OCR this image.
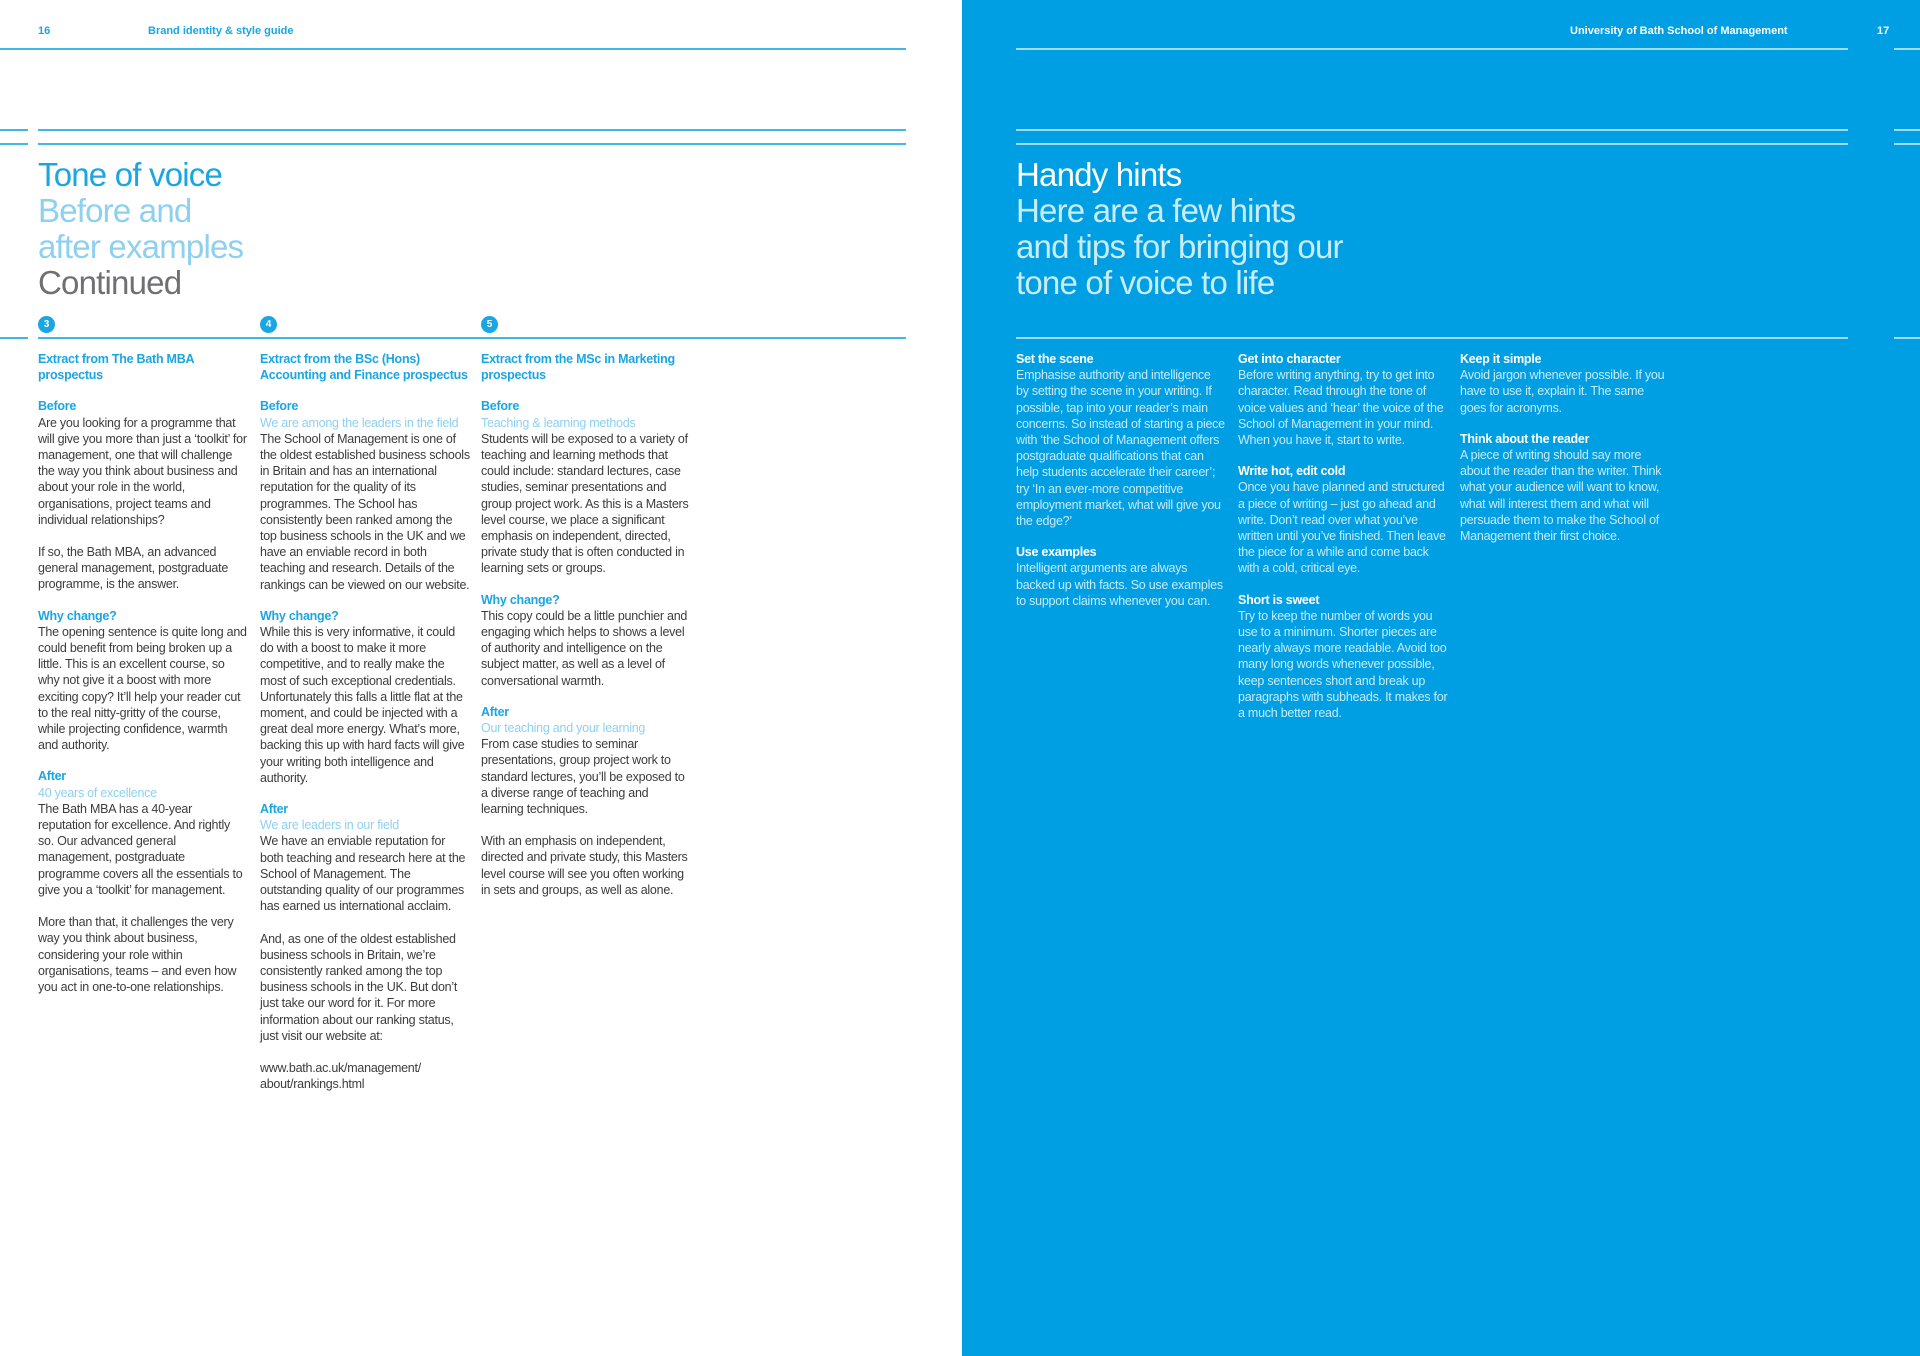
16	Brand identity & style guide
Tone of voice
Before and
after examples
Continued
3	4	5
Extract from The Bath MBA prospectus
Before
Are you looking for a programme that will give you more than just a ‘toolkit’ for management, one that will challenge the way you think about business and about your role in the world, organisations, project teams and individual relationships?
If so, the Bath MBA, an advanced general management, postgraduate programme, is the answer.
Why change?
The opening sentence is quite long and could benefit from being broken up a little. This is an excellent course, so why not give it a boost with more exciting copy? It’ll help your reader cut to the real nitty-gritty of the course, while projecting confidence, warmth and authority.
After
40 years of excellence
The Bath MBA has a 40-year reputation for excellence. And rightly so. Our advanced general management, postgraduate programme covers all the essentials to give you a ‘toolkit’ for management.
More than that, it challenges the very way you think about business, considering your role within organisations, teams – and even how you act in one-to-one relationships.
Extract from the BSc (Hons) Accounting and Finance prospectus
Before
We are among the leaders in the field
The School of Management is one of the oldest established business schools in Britain and has an international reputation for the quality of its programmes. The School has consistently been ranked among the top business schools in the UK and we have an enviable record in both teaching and research. Details of the rankings can be viewed on our website.
Why change?
While this is very informative, it could do with a boost to make it more competitive, and to really make the most of such exceptional credentials. Unfortunately this falls a little flat at the moment, and could be injected with a great deal more energy. What’s more, backing this up with hard facts will give your writing both intelligence and authority.
After
We are leaders in our field
We have an enviable reputation for both teaching and research here at the School of Management. The outstanding quality of our programmes has earned us international acclaim.
And, as one of the oldest established business schools in Britain, we’re consistently ranked among the top business schools in the UK. But don’t just take our word for it. For more information about our ranking status, just visit our website at:
www.bath.ac.uk/management/ about/rankings.html
Extract from the MSc in Marketing prospectus
Before
Teaching & learning methods
Students will be exposed to a variety of teaching and learning methods that could include: standard lectures, case studies, seminar presentations and group project work. As this is a Masters level course, we place a significant emphasis on independent, directed, private study that is often conducted in learning sets or groups.
Why change?
This copy could be a little punchier and engaging which helps to shows a level of authority and intelligence on the subject matter, as well as a level of conversational warmth.
After
Our teaching and your learning
From case studies to seminar presentations, group project work to standard lectures, you’ll be exposed to a diverse range of teaching and learning techniques.
With an emphasis on independent, directed and private study, this Masters level course will see you often working in sets and groups, as well as alone.
University of Bath School of Management	17
Handy hints
Here are a few hints
and tips for bringing our
tone of voice to life
Set the scene
Emphasise authority and intelligence by setting the scene in your writing. If possible, tap into your reader’s main concerns. So instead of starting a piece with ‘the School of Management offers postgraduate qualifications that can help students accelerate their career’; try ‘In an ever-more competitive employment market, what will give you the edge?’
Use examples
Intelligent arguments are always backed up with facts. So use examples to support claims whenever you can.
Get into character
Before writing anything, try to get into character. Read through the tone of voice values and ‘hear’ the voice of the School of Management in your mind. When you have it, start to write.
Write hot, edit cold
Once you have planned and structured a piece of writing – just go ahead and write. Don’t read over what you’ve written until you’ve finished. Then leave the piece for a while and come back with a cold, critical eye.
Short is sweet
Try to keep the number of words you use to a minimum. Shorter pieces are nearly always more readable. Avoid too many long words whenever possible, keep sentences short and break up paragraphs with subheads. It makes for a much better read.
Keep it simple
Avoid jargon whenever possible. If you have to use it, explain it. The same goes for acronyms.
Think about the reader
A piece of writing should say more about the reader than the writer. Think what your audience will want to know, what will interest them and what will persuade them to make the School of Management their first choice.
